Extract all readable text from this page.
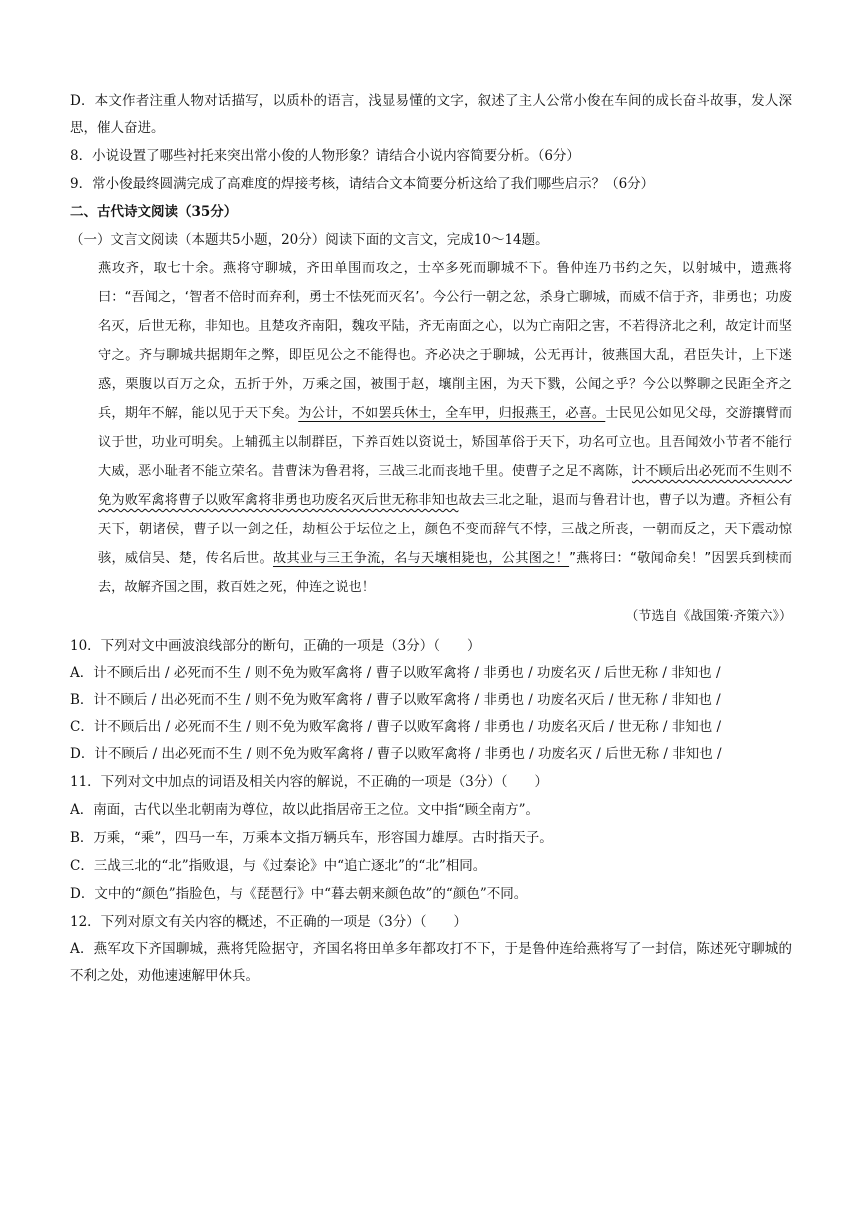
D．本文作者注重人物对话描写，以质朴的语言，浅显易懂的文字，叙述了主人公常小俊在车间的成长奋斗故事，发人深思，催人奋进。

8．小说设置了哪些衬托来突出常小俊的人物形象？请结合小说内容简要分析。（6分）

9．常小俊最终圆满完成了高难度的焊接考核，请结合文本简要分析这给了我们哪些启示？（6分）

二、古代诗文阅读（35分）

（一）文言文阅读（本题共5小题，20分）阅读下面的文言文，完成10～14题。

燕攻齐，取七十余。燕将守聊城，齐田单围而攻之，士卒多死而聊城不下。鲁仲连乃书约之矢，以射城中，遗燕将曰：“吾闻之，‘智者不倍时而弃利，勇士不怯死而灭名’。今公行一朝之忿，杀身亡聊城，而威不信于齐，非勇也；功废名灭，后世无称，非知也。且楚攻齐南阳，魏攻平陆，齐无南面之心，以为亡南阳之害，不若得济北之利，故定计而坚守之。齐与聊城共据期年之弊，即臣见公之不能得也。齐必决之于聊城，公无再计，彼燕国大乱，君臣失计，上下迷惑，栗腹以百万之众，五折于外，万乘之国，被围于赵，壤削主困，为天下戮，公闻之乎？今公以弊聊之民距全齐之兵，期年不解，能以见于天下矣。为公计，不如罢兵休士，全车甲，归报燕王，必喜。士民见公如见父母，交游攘臂而议于世，功业可明矣。上辅孤主以制群臣，下养百姓以资说士，矫国革俗于天下，功名可立也。且吾闻效小节者不能行大威，恶小耻者不能立荣名。昔曹沫为鲁君将，三战三北而丧地千里。使曹子之足不离陈，计不顾后出必死而不生则不免为败军禽将曹子以败军禽将非勇也功废名灭后世无称非知也故去三北之耻，退而与鲁君计也，曹子以为遭。齐桓公有天下，朝诸侯，曹子以一剑之任，劫桓公于坛位之上，颜色不变而辞气不悖，三战之所丧，一朝而反之，天下震动惊骇，威信吴、楚，传名后世。故其业与三王争流，名与天壤相毙也，公其图之！”燕将曰：“敬闻命矣！”因罢兵到椟而去，故解齐国之围，救百姓之死，仲连之说也！

（节选自《战国策·齐策六》）

10．下列对文中画波浪线部分的断句，正确的一项是（3分）（　　）

A．计不顾后出 / 必死而不生 / 则不免为败军禽将 / 曹子以败军禽将 / 非勇也 / 功废名灭 / 后世无称 / 非知也 /

B．计不顾后 / 出必死而不生 / 则不免为败军禽将 / 曹子以败军禽将 / 非勇也 / 功废名灭后 / 世无称 / 非知也 /

C．计不顾后出 / 必死而不生 / 则不免为败军禽将 / 曹子以败军禽将 / 非勇也 / 功废名灭后 / 世无称 / 非知也 /

D．计不顾后 / 出必死而不生 / 则不免为败军禽将 / 曹子以败军禽将 / 非勇也 / 功废名灭 / 后世无称 / 非知也 /

11．下列对文中加点的词语及相关内容的解说，不正确的一项是（3分）（　　）

A．南面，古代以坐北朝南为尊位，故以此指居帝王之位。文中指“顾全南方”。

B．万乘，“乘”，四马一车，万乘本文指万辆兵车，形容国力雄厚。古时指天子。

C．三战三北的“北”指败退，与《过秦论》中“追亡逐北”的“北”相同。

D．文中的“颜色”指脸色，与《琵琶行》中“暮去朝来颜色故”的“颜色”不同。

12．下列对原文有关内容的概述，不正确的一项是（3分）（　　）

A．燕军攻下齐国聊城，燕将凭险据守，齐国名将田单多年都攻打不下，于是鲁仲连给燕将写了一封信，陈述死守聊城的不利之处，劝他速速解甲休兵。
